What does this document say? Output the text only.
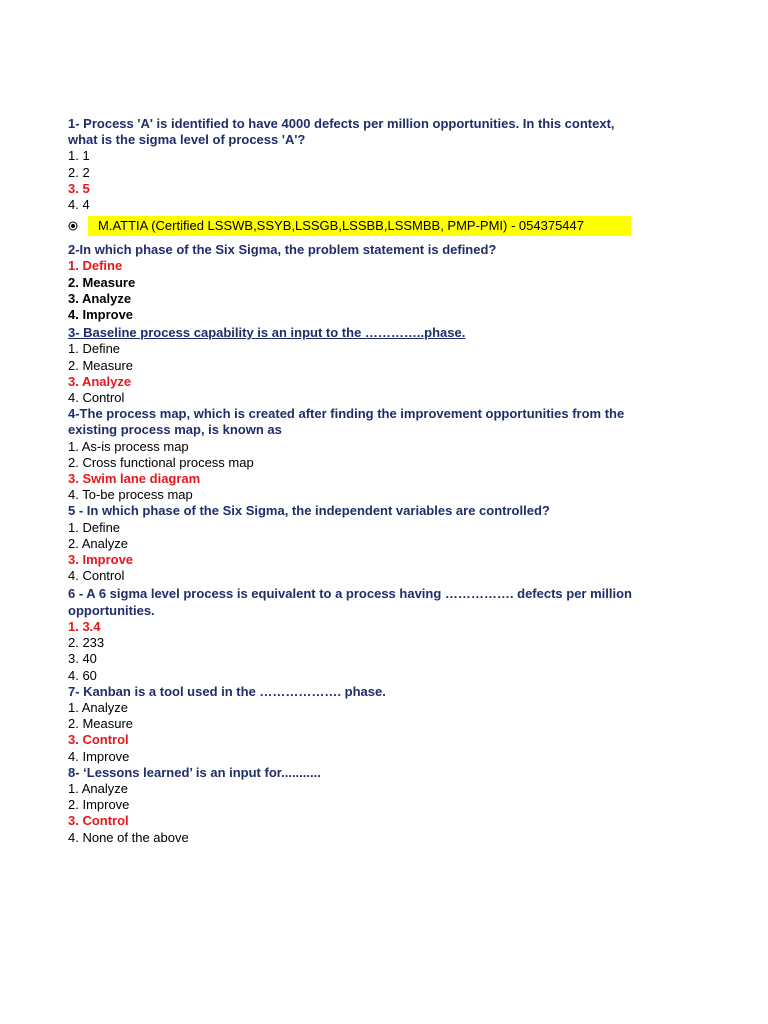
1- Process 'A' is identified to have 4000 defects per million opportunities. In this context, what is the sigma level of process 'A'?

1. 1

2. 2

3. 5

4. 4

M.ATTIA (Certified LSSWB,SSYB,LSSGB,LSSBB,LSSMBB, PMP-PMI) - 054375447

2-In which phase of the Six Sigma, the problem statement is defined?

1. Define

2. Measure

3. Analyze

4. Improve

3- Baseline process capability is an input to the …………..phase.

1. Define

2. Measure

3. Analyze

4. Control

4-The process map, which is created after finding the improvement opportunities from the existing process map, is known as

1. As-is process map

2. Cross functional process map

3. Swim lane diagram

4. To-be process map

5 - In which phase of the Six Sigma, the independent variables are controlled?

1. Define

2. Analyze

3. Improve

4. Control

6 - A 6 sigma level process is equivalent to a process having ……………. defects per million opportunities.

1. 3.4

2. 233

3. 40

4. 60

7- Kanban is a tool used in the ………………. phase.

1. Analyze

2. Measure

3. Control

4. Improve

8- ‘Lessons learned’ is an input for...........

1. Analyze

2. Improve

3. Control

4. None of the above
